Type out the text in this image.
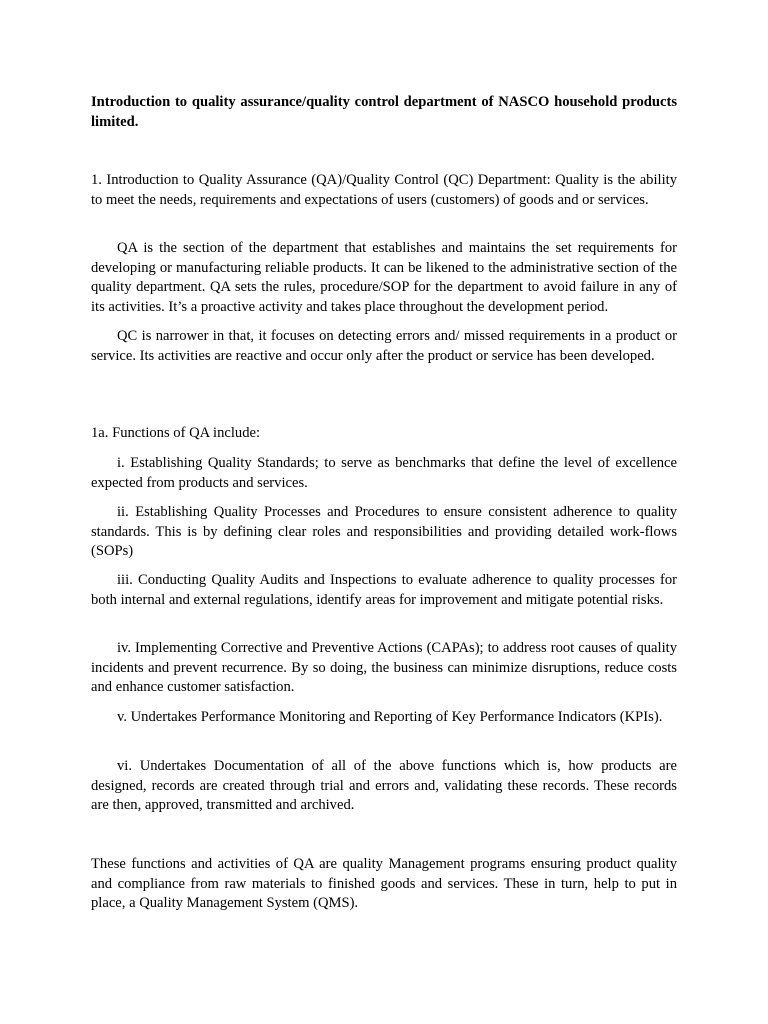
Introduction to quality assurance/quality control department of NASCO household products limited.

1. Introduction to Quality Assurance (QA)/Quality Control (QC) Department: Quality is the ability to meet the needs, requirements and expectations of users (customers) of goods and or services.

QA is the section of the department that establishes and maintains the set requirements for developing or manufacturing reliable products. It can be likened to the administrative section of the quality department. QA sets the rules, procedure/SOP for the department to avoid failure in any of its activities. It’s a proactive activity and takes place throughout the development period.

QC is narrower in that, it focuses on detecting errors and/ missed requirements in a product or service. Its activities are reactive and occur only after the product or service has been developed.

1a. Functions of QA include:

i. Establishing Quality Standards; to serve as benchmarks that define the level of excellence expected from products and services.

ii. Establishing Quality Processes and Procedures to ensure consistent adherence to quality standards. This is by defining clear roles and responsibilities and providing detailed work-flows (SOPs)

iii. Conducting Quality Audits and Inspections to evaluate adherence to quality processes for both internal and external regulations, identify areas for improvement and mitigate potential risks.

iv. Implementing Corrective and Preventive Actions (CAPAs); to address root causes of quality incidents and prevent recurrence. By so doing, the business can minimize disruptions, reduce costs and enhance customer satisfaction.

v. Undertakes Performance Monitoring and Reporting of Key Performance Indicators (KPIs).

vi. Undertakes Documentation of all of the above functions which is, how products are designed, records are created through trial and errors and, validating these records. These records are then, approved, transmitted and archived.

These functions and activities of QA are quality Management programs ensuring product quality and compliance from raw materials to finished goods and services. These in turn, help to put in place, a Quality Management System (QMS).
